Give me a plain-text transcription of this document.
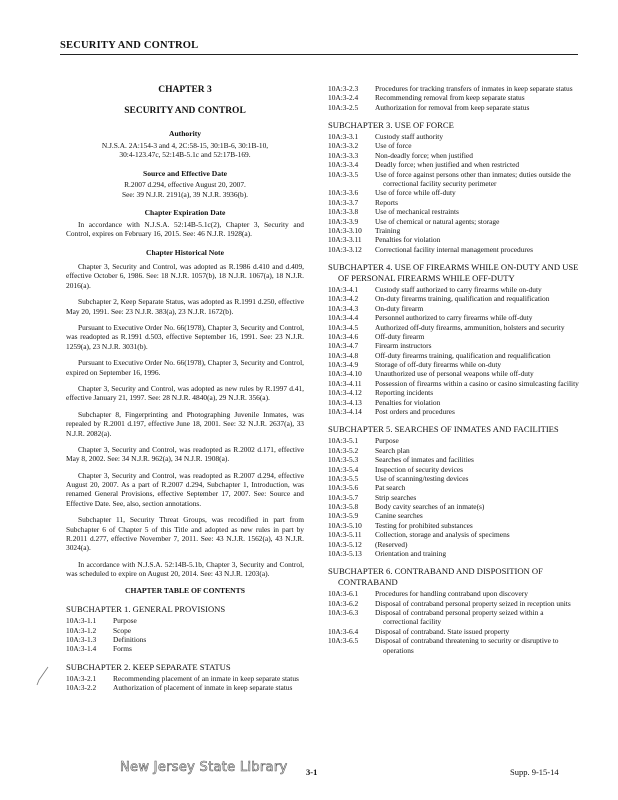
SECURITY AND CONTROL
CHAPTER 3
SECURITY AND CONTROL
Authority

N.J.S.A. 2A:154-3 and 4, 2C:58-15, 30:1B-6, 30:1B-10,

30:4-123.47c, 52:14B-5.1c and 52:17B-169.

Source and Effective Date

R.2007 d.294, effective August 20, 2007.

See: 39 N.J.R. 2191(a), 39 N.J.R. 3936(b).

Chapter Expiration Date

In accordance with N.J.S.A. 52:14B-5.1c(2), Chapter 3, Security and Control, expires on February 16, 2015. See: 46 N.J.R. 1928(a).

Chapter Historical Note

Chapter 3, Security and Control, was adopted as R.1986 d.410 and d.409, effective October 6, 1986. See: 18 N.J.R. 1057(b), 18 N.J.R. 1067(a), 18 N.J.R. 2016(a).

Subchapter 2, Keep Separate Status, was adopted as R.1991 d.250, effective May 20, 1991. See: 23 N.J.R. 383(a), 23 N.J.R. 1672(b).

Pursuant to Executive Order No. 66(1978), Chapter 3, Security and Control, was readopted as R.1991 d.503, effective September 16, 1991. See: 23 N.J.R. 1259(a), 23 N.J.R. 3031(b).

Pursuant to Executive Order No. 66(1978), Chapter 3, Security and Control, expired on September 16, 1996.

Chapter 3, Security and Control, was adopted as new rules by R.1997 d.41, effective January 21, 1997. See: 28 N.J.R. 4840(a), 29 N.J.R. 356(a).

Subchapter 8, Fingerprinting and Photographing Juvenile Inmates, was repealed by R.2001 d.197, effective June 18, 2001. See: 32 N.J.R. 2637(a), 33 N.J.R. 2082(a).

Chapter 3, Security and Control, was readopted as R.2002 d.171, effective May 8, 2002. See: 34 N.J.R. 962(a), 34 N.J.R. 1908(a).

Chapter 3, Security and Control, was readopted as R.2007 d.294, effective August 20, 2007. As a part of R.2007 d.294, Subchapter 1, Introduction, was renamed General Provisions, effective September 17, 2007. See: Source and Effective Date. See, also, section annotations.

Subchapter 11, Security Threat Groups, was recodified in part from Subchapter 6 of Chapter 5 of this Title and adopted as new rules in part by R.2011 d.277, effective November 7, 2011. See: 43 N.J.R. 1562(a), 43 N.J.R. 3024(a).

In accordance with N.J.S.A. 52:14B-5.1b, Chapter 3, Security and Control, was scheduled to expire on August 20, 2014. See: 43 N.J.R. 1203(a).

CHAPTER TABLE OF CONTENTS
SUBCHAPTER 1. GENERAL PROVISIONS
10A:3-1.1	Purpose
10A:3-1.2	Scope
10A:3-1.3	Definitions
10A:3-1.4	Forms
SUBCHAPTER 2. KEEP SEPARATE STATUS
10A:3-2.1	Recommending placement of an inmate in keep separate status
10A:3-2.2	Authorization of placement of inmate in keep separate status
10A:3-2.3	Procedures for tracking transfers of inmates in keep separate status
10A:3-2.4	Recommending removal from keep separate status
10A:3-2.5	Authorization for removal from keep separate status
SUBCHAPTER 3. USE OF FORCE
10A:3-3.1	Custody staff authority
10A:3-3.2	Use of force
10A:3-3.3	Non-deadly force; when justified
10A:3-3.4	Deadly force; when justified and when restricted
10A:3-3.5	Use of force against persons other than inmates; duties outside the correctional facility security perimeter
10A:3-3.6	Use of force while off-duty
10A:3-3.7	Reports
10A:3-3.8	Use of mechanical restraints
10A:3-3.9	Use of chemical or natural agents; storage
10A:3-3.10	Training
10A:3-3.11	Penalties for violation
10A:3-3.12	Correctional facility internal management procedures
SUBCHAPTER 4. USE OF FIREARMS WHILE ON-DUTY AND USE OF PERSONAL FIREARMS WHILE OFF-DUTY
10A:3-4.1	Custody staff authorized to carry firearms while on-duty
10A:3-4.2	On-duty firearms training, qualification and requalification
10A:3-4.3	On-duty firearm
10A:3-4.4	Personnel authorized to carry firearms while off-duty
10A:3-4.5	Authorized off-duty firearms, ammunition, holsters and security
10A:3-4.6	Off-duty firearm
10A:3-4.7	Firearm instructors
10A:3-4.8	Off-duty firearms training, qualification and requalification
10A:3-4.9	Storage of off-duty firearms while on-duty
10A:3-4.10	Unauthorized use of personal weapons while off-duty
10A:3-4.11	Possession of firearms within a casino or casino simulcasting facility
10A:3-4.12	Reporting incidents
10A:3-4.13	Penalties for violation
10A:3-4.14	Post orders and procedures
SUBCHAPTER 5. SEARCHES OF INMATES AND FACILITIES
10A:3-5.1	Purpose
10A:3-5.2	Search plan
10A:3-5.3	Searches of inmates and facilities
10A:3-5.4	Inspection of security devices
10A:3-5.5	Use of scanning/testing devices
10A:3-5.6	Pat search
10A:3-5.7	Strip searches
10A:3-5.8	Body cavity searches of an inmate(s)
10A:3-5.9	Canine searches
10A:3-5.10	Testing for prohibited substances
10A:3-5.11	Collection, storage and analysis of specimens
10A:3-5.12	(Reserved)
10A:3-5.13	Orientation and training
SUBCHAPTER 6. CONTRABAND AND DISPOSITION OF CONTRABAND
10A:3-6.1	Procedures for handling contraband upon discovery
10A:3-6.2	Disposal of contraband personal property seized in reception units
10A:3-6.3	Disposal of contraband personal property seized within a correctional facility
10A:3-6.4	Disposal of contraband. State issued property
10A:3-6.5	Disposal of contraband threatening to security or disruptive to operations
New Jersey State Library 3-1	Supp. 9-15-14
